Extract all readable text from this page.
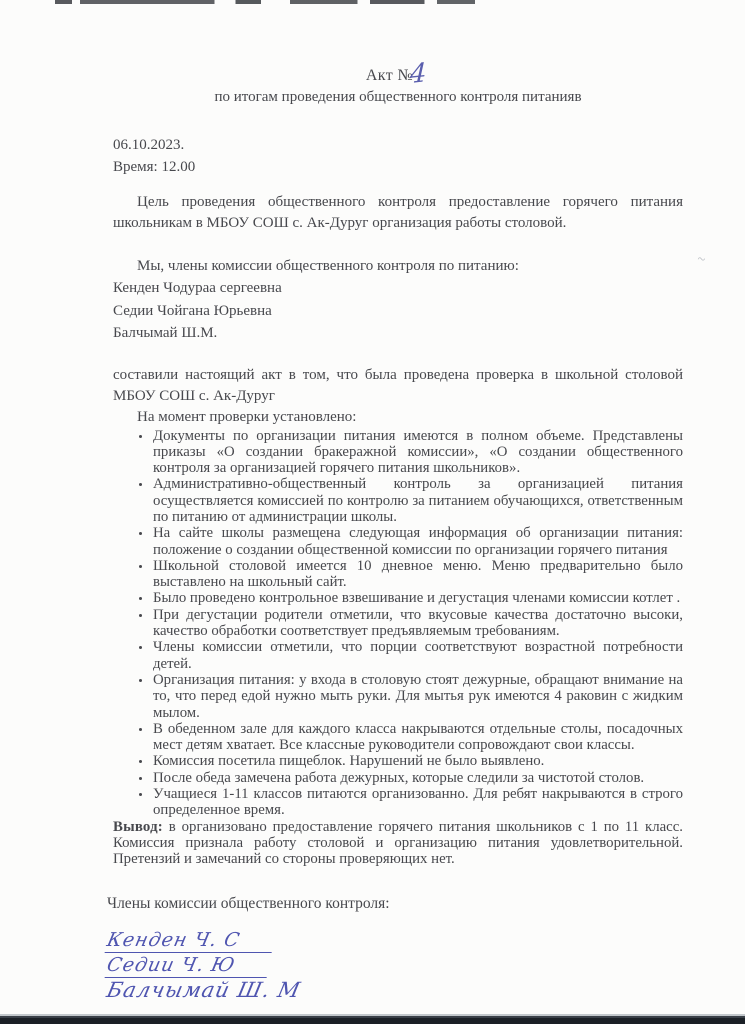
~
Акт №4
по итогам проведения общественного контроля питанияв
06.10.2023.
Время: 12.00

Цель проведения общественного контроля предоставление горячего питания школьникам в МБОУ СОШ с. Ак-Дуруг организация работы столовой.

Мы, члены комиссии общественного контроля по питанию:

Кенден Чодураа сергеевна
Седии Чойгана Юрьевна
Балчымай Ш.М.

составили настоящий акт в том, что была проведена проверка в школьной столовой МБОУ СОШ с. Ак-Дуруг

На момент проверки установлено:

• Документы по организации питания имеются в полном объеме. Представлены приказы «О создании бракеражной комиссии», «О создании общественного контроля за организацией горячего питания школьников».
• Административно-общественный контроль за организацией питания осуществляется комиссией по контролю за питанием обучающихся, ответственным по питанию от администрации школы.
• На сайте школы размещена следующая информация об организации питания: положение о создании общественной комиссии по организации горячего питания
• Школьной столовой имеется 10 дневное меню. Меню предварительно было выставлено на школьный сайт.
• Было проведено контрольное взвешивание и дегустация членами комиссии котлет .
• При дегустации родители отметили, что вкусовые качества достаточно высоки, качество обработки соответствует предъявляемым требованиям.
• Члены комиссии отметили, что порции соответствуют возрастной потребности детей.
• Организация питания: у входа в столовую стоят дежурные, обращают внимание на то, что перед едой нужно мыть руки. Для мытья рук имеются 4 раковин с жидким мылом.
• В обеденном зале для каждого класса накрываются отдельные столы, посадочных мест детям хватает. Все классные руководители сопровождают свои классы.
• Комиссия посетила пищеблок. Нарушений не было выявлено.
• После обеда замечена работа дежурных, которые следили за чистотой столов.
• Учащиеся 1-11 классов питаются организованно. Для ребят накрываются в строго определенное время.

Вывод: в организовано предоставление горячего питания школьников с 1 по 11 класс. Комиссия признала работу столовой и организацию питания удовлетворительной. Претензий и замечаний со стороны проверяющих нет.

Члены комиссии общественного контроля:
Кенден Ч. С
Седии Ч. Ю
Балчымай Ш. М
